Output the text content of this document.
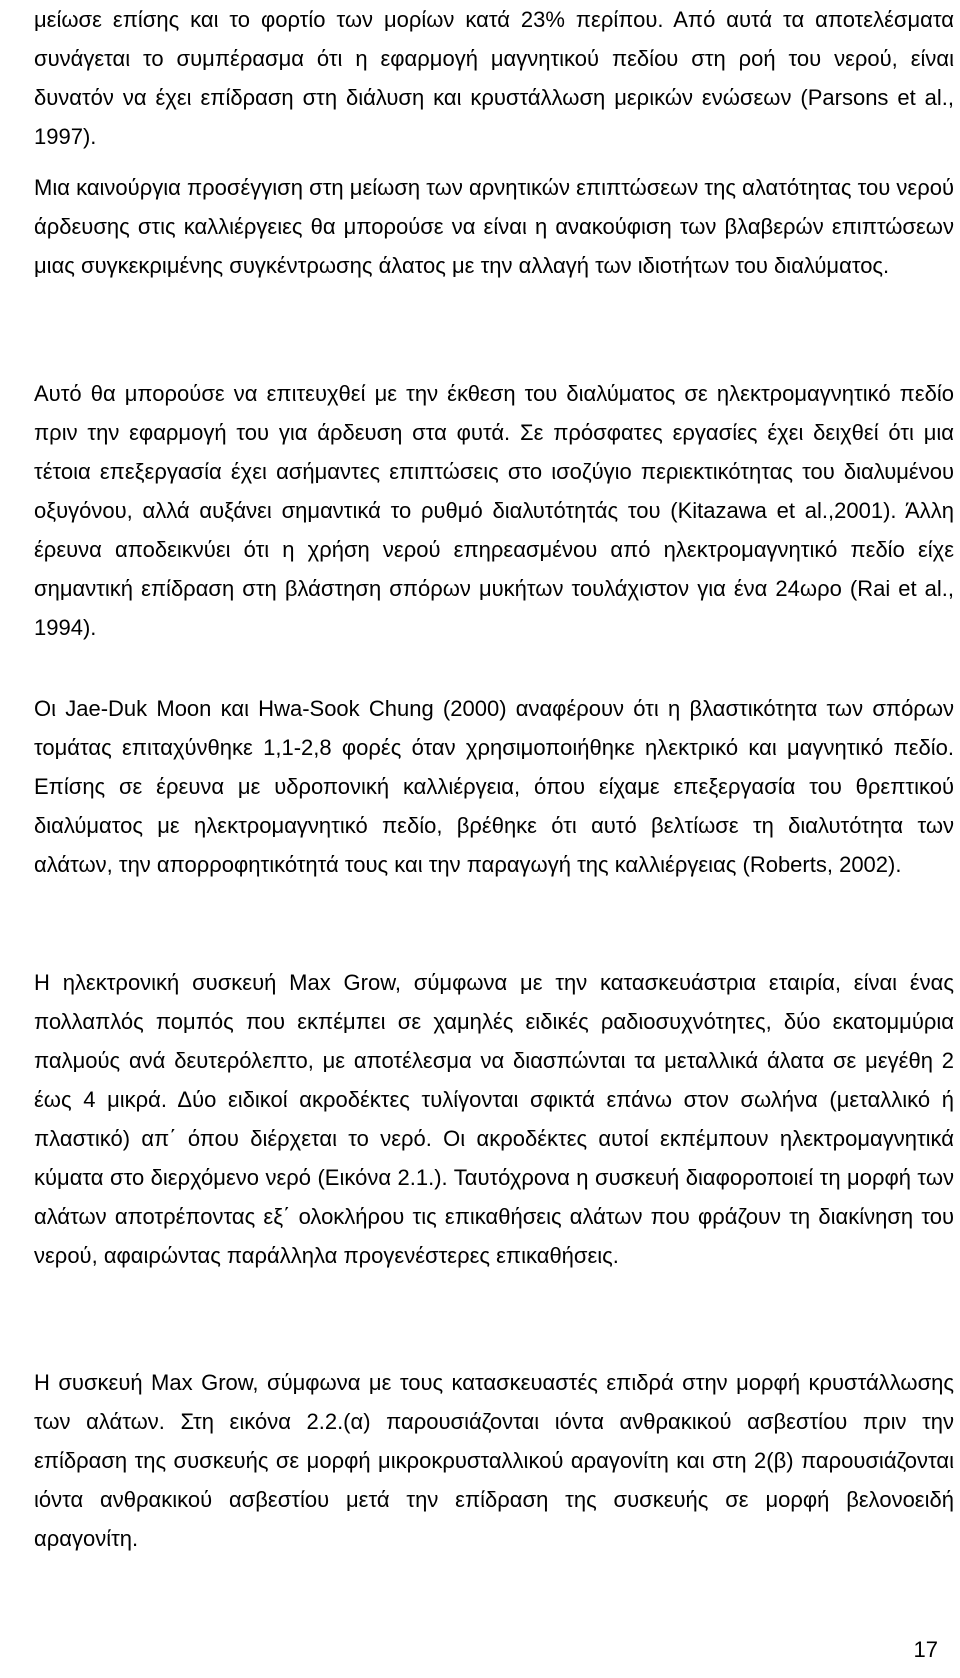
μείωσε επίσης και το φορτίο των μορίων κατά 23% περίπου. Από αυτά τα αποτελέσματα συνάγεται το συμπέρασμα ότι η εφαρμογή μαγνητικού πεδίου στη ροή του νερού, είναι δυνατόν να έχει επίδραση στη διάλυση και κρυστάλλωση μερικών ενώσεων (Parsons et al., 1997).

Μια καινούργια προσέγγιση στη μείωση των αρνητικών επιπτώσεων της αλατότητας του νερού άρδευσης στις καλλιέργειες θα μπορούσε να είναι η ανακούφιση των βλαβερών επιπτώσεων μιας συγκεκριμένης συγκέντρωσης άλατος με την αλλαγή των ιδιοτήτων του διαλύματος.

Αυτό θα μπορούσε να επιτευχθεί με την έκθεση του διαλύματος σε ηλεκτρομαγνητικό πεδίο πριν την εφαρμογή του για άρδευση στα φυτά. Σε πρόσφατες εργασίες έχει δειχθεί ότι μια τέτοια επεξεργασία έχει ασήμαντες επιπτώσεις στο ισοζύγιο περιεκτικότητας του διαλυμένου οξυγόνου, αλλά αυξάνει σημαντικά το ρυθμό διαλυτότητάς του (Kitazawa et al.,2001). Άλλη έρευνα αποδεικνύει ότι η χρήση νερού επηρεασμένου από ηλεκτρομαγνητικό πεδίο είχε σημαντική επίδραση στη βλάστηση σπόρων μυκήτων τουλάχιστον για ένα 24ωρο (Rai et al., 1994).

Οι Jae-Duk Moon και Hwa-Sook Chung (2000) αναφέρουν ότι η βλαστικότητα των σπόρων τομάτας επιταχύνθηκε 1,1-2,8 φορές όταν χρησιμοποιήθηκε ηλεκτρικό και μαγνητικό πεδίο. Επίσης σε έρευνα με υδροπονική καλλιέργεια, όπου είχαμε επεξεργασία του θρεπτικού διαλύματος με ηλεκτρομαγνητικό πεδίο, βρέθηκε ότι αυτό βελτίωσε τη διαλυτότητα των αλάτων, την απορροφητικότητά τους και την παραγωγή της καλλιέργειας (Roberts, 2002).

Η ηλεκτρονική συσκευή Max Grow, σύμφωνα με την κατασκευάστρια εταιρία, είναι ένας πολλαπλός πομπός που εκπέμπει σε χαμηλές ειδικές ραδιοσυχνότητες, δύο εκατομμύρια παλμούς ανά δευτερόλεπτο, με αποτέλεσμα να διασπώνται τα μεταλλικά άλατα σε μεγέθη 2 έως 4 μικρά. Δύο ειδικοί ακροδέκτες τυλίγονται σφικτά επάνω στον σωλήνα (μεταλλικό ή πλαστικό) απ΄ όπου διέρχεται το νερό. Οι ακροδέκτες αυτοί εκπέμπουν ηλεκτρομαγνητικά κύματα στο διερχόμενο νερό (Εικόνα 2.1.). Ταυτόχρονα η συσκευή διαφοροποιεί τη μορφή των αλάτων αποτρέποντας εξ΄ ολοκλήρου τις επικαθήσεις αλάτων που φράζουν τη διακίνηση του νερού, αφαιρώντας παράλληλα προγενέστερες επικαθήσεις.

Η συσκευή Max Grow, σύμφωνα με τους κατασκευαστές επιδρά στην μορφή κρυστάλλωσης των αλάτων. Στη εικόνα 2.2.(α) παρουσιάζονται ιόντα ανθρακικού ασβεστίου πριν την επίδραση της συσκευής σε μορφή μικροκρυσταλλικού αραγονίτη και στη 2(β) παρουσιάζονται ιόντα ανθρακικού ασβεστίου μετά την επίδραση της συσκευής σε μορφή βελονοειδή αραγονίτη.

17
